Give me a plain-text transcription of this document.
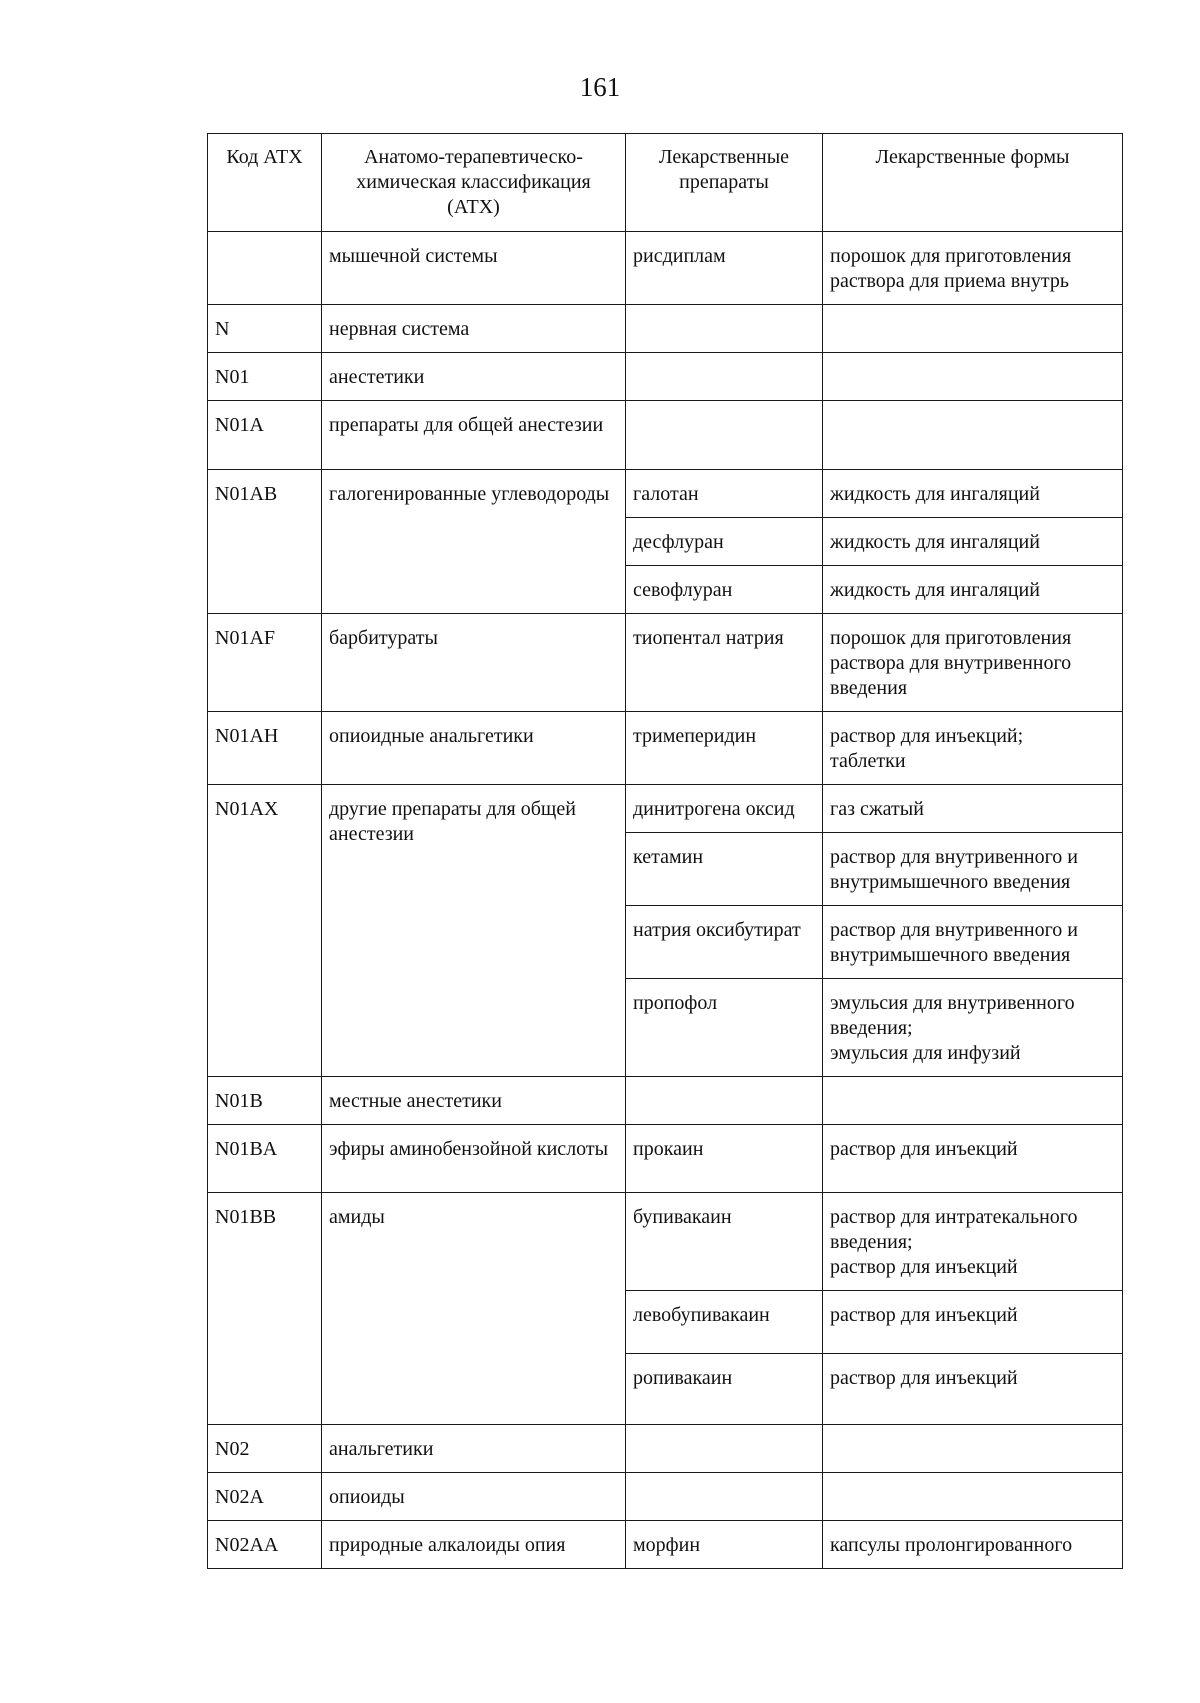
161
Код АТХ	Анатомо-терапевтическо-химическая классификация (АТХ)	Лекарственные препараты	Лекарственные формы
	мышечной системы	рисдиплам	порошок для приготовления раствора для приема внутрь

N	нервная система		
N01	анестетики		
N01A	препараты для общей анестезии		
N01AB	галогенированные углеводороды	галотан	жидкость для ингаляций

		десфлуран	жидкость для ингаляций

		севофлуран	жидкость для ингаляций

N01AF	барбитураты	тиопентал натрия	порошок для приготовления раствора для внутривенного введения

N01AH	опиоидные анальгетики	тримеперидин	раствор для инъекций;
таблетки

N01AX	другие препараты для общей анестезии	динитрогена оксид	газ сжатый

		кетамин	раствор для внутривенного и внутримышечного введения

		натрия оксибутират	раствор для внутривенного и внутримышечного введения

		пропофол	эмульсия для внутривенного введения;
эмульсия для инфузий

N01B	местные анестетики		
N01BA	эфиры аминобензойной кислоты	прокаин	раствор для инъекций

N01BB	амиды	бупивакаин	раствор для интратекального введения;
раствор для инъекций

		левобупивакаин	раствор для инъекций

		ропивакаин	раствор для инъекций

N02	анальгетики		
N02A	опиоиды		
N02AA	природные алкалоиды опия	морфин	капсулы пролонгированного
